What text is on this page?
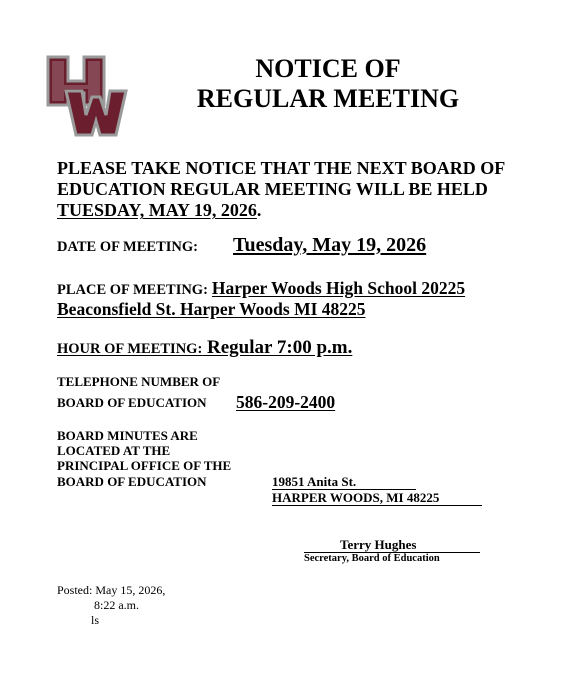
NOTICE OF
REGULAR MEETING
PLEASE TAKE NOTICE THAT THE NEXT BOARD OF
EDUCATION REGULAR MEETING WILL BE HELD
TUESDAY, MAY 19, 2026.
DATE OF MEETING: Tuesday, May 19, 2026
PLACE OF MEETING: Harper Woods High School 20225
Beaconsfield St. Harper Woods MI 48225
HOUR OF MEETING: Regular 7:00 p.m.
TELEPHONE NUMBER OF
BOARD OF EDUCATION 586-209-2400
BOARD MINUTES ARE
LOCATED AT THE
PRINCIPAL OFFICE OF THE
BOARD OF EDUCATION	19851 Anita St.
HARPER WOODS, MI 48225
Terry Hughes
Secretary, Board of Education
Posted: May 15, 2026,
8:22 a.m.
ls
